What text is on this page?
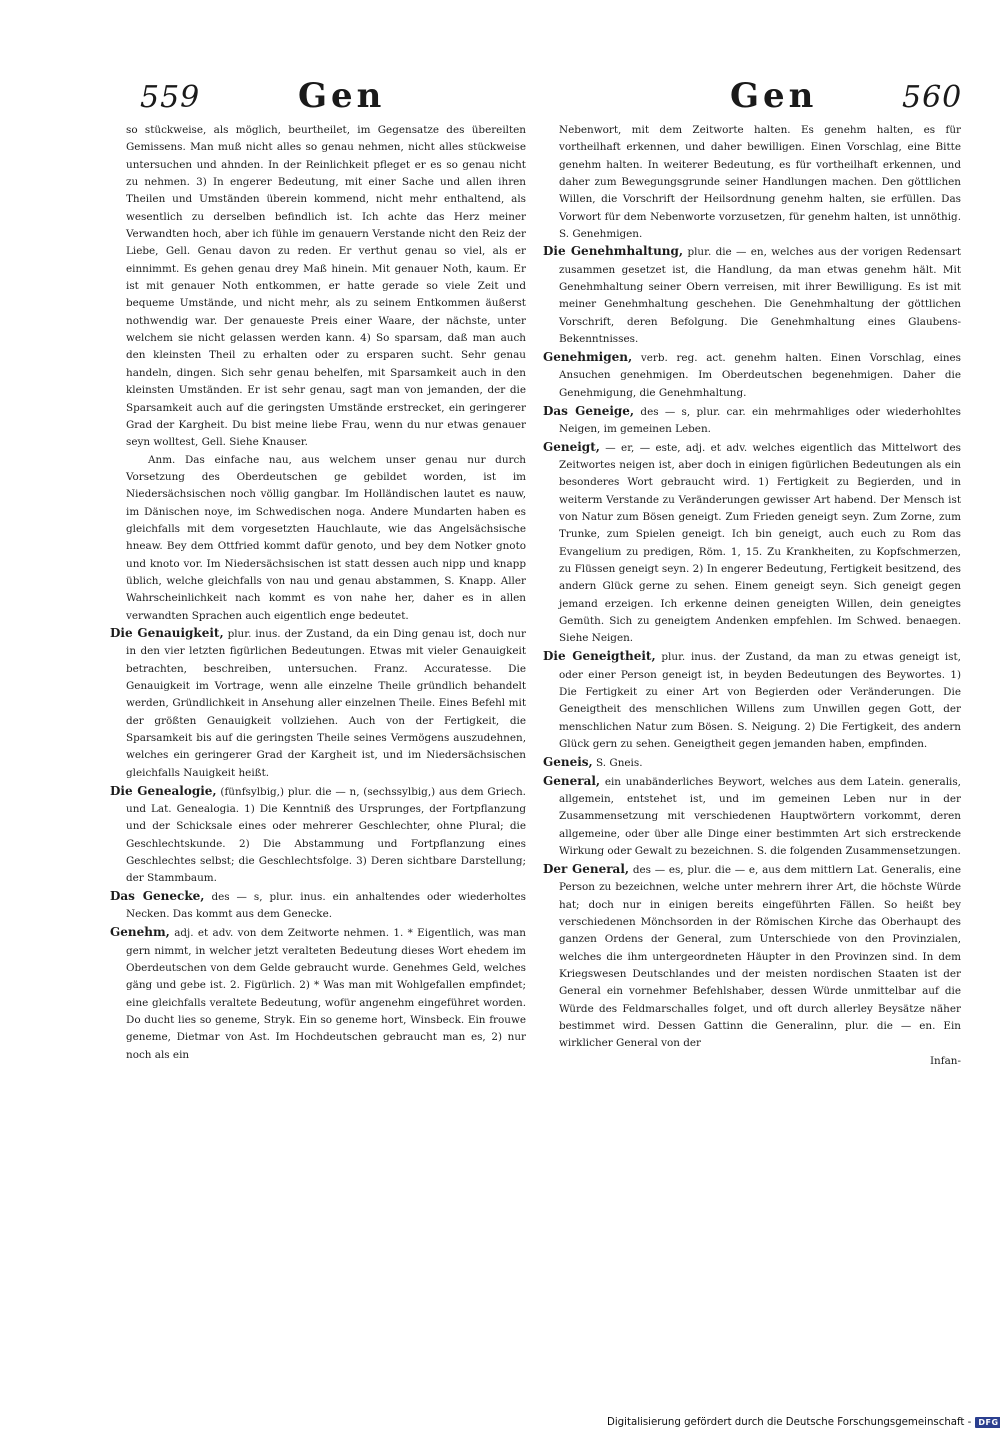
559	Gen	Gen	560

so stückweise, als möglich, beurtheilet, im Gegensatze des übereilten Gemissens. Man muß nicht alles so genau nehmen, nicht alles stückweise untersuchen und ahnden. In der Reinlichkeit pfleget er es so genau nicht zu nehmen. 3) In engerer Bedeutung, mit einer Sache und allen ihren Theilen und Umständen überein kommend, nicht mehr enthaltend, als wesentlich zu derselben befindlich ist. Ich achte das Herz meiner Verwandten hoch, aber ich fühle im genauern Verstande nicht den Reiz der Liebe, Gell. Genau davon zu reden. Er verthut genau so viel, als er einnimmt. Es gehen genau drey Maß hinein. Mit genauer Noth, kaum. Er ist mit genauer Noth entkommen, er hatte gerade so viele Zeit und bequeme Umstände, und nicht mehr, als zu seinem Entkommen äußerst nothwendig war. Der genaueste Preis einer Waare, der nächste, unter welchem sie nicht gelassen werden kann. 4) So sparsam, daß man auch den kleinsten Theil zu erhalten oder zu ersparen sucht. Sehr genau handeln, dingen. Sich sehr genau behelfen, mit Sparsamkeit auch in den kleinsten Umständen. Er ist sehr genau, sagt man von jemanden, der die Sparsamkeit auch auf die geringsten Umstände erstrecket, ein geringerer Grad der Kargheit. Du bist meine liebe Frau, wenn du nur etwas genauer seyn wolltest, Gell. Siehe Knauser.

Anm. Das einfache nau, aus welchem unser genau nur durch Vorsetzung des Oberdeutschen ge gebildet worden, ist im Niedersächsischen noch völlig gangbar. Im Holländischen lautet es nauw, im Dänischen noye, im Schwedischen noga. Andere Mundarten haben es gleichfalls mit dem vorgesetzten Hauchlaute, wie das Angelsächsische hneaw. Bey dem Ottfried kommt dafür genoto, und bey dem Notker gnoto und knoto vor. Im Niedersächsischen ist statt dessen auch nipp und knapp üblich, welche gleichfalls von nau und genau abstammen, S. Knapp. Aller Wahrscheinlichkeit nach kommt es von nahe her, daher es in allen verwandten Sprachen auch eigentlich enge bedeutet.

Die Genauigkeit, plur. inus. der Zustand, da ein Ding genau ist, doch nur in den vier letzten figürlichen Bedeutungen. Etwas mit vieler Genauigkeit betrachten, beschreiben, untersuchen. Franz. Accuratesse. Die Genauigkeit im Vortrage, wenn alle einzelne Theile gründlich behandelt werden, Gründlichkeit in Ansehung aller einzelnen Theile. Eines Befehl mit der größten Genauigkeit vollziehen. Auch von der Fertigkeit, die Sparsamkeit bis auf die geringsten Theile seines Vermögens auszudehnen, welches ein geringerer Grad der Kargheit ist, und im Niedersächsischen gleichfalls Nauigkeit heißt.

Die Genealogie, (fünfsylbig,) plur. die — n, (sechssylbig,) aus dem Griech. und Lat. Genealogia. 1) Die Kenntniß des Ursprunges, der Fortpflanzung und der Schicksale eines oder mehrerer Geschlechter, ohne Plural; die Geschlechtskunde. 2) Die Abstammung und Fortpflanzung eines Geschlechtes selbst; die Geschlechtsfolge. 3) Deren sichtbare Darstellung; der Stammbaum.

Das Genecke, des — s, plur. inus. ein anhaltendes oder wiederholtes Necken. Das kommt aus dem Genecke.

Genehm, adj. et adv. von dem Zeitworte nehmen. 1. * Eigentlich, was man gern nimmt, in welcher jetzt veralteten Bedeutung dieses Wort ehedem im Oberdeutschen von dem Gelde gebraucht wurde. Genehmes Geld, welches gäng und gebe ist. 2. Figürlich. 2) * Was man mit Wohlgefallen empfindet; eine gleichfalls veraltete Bedeutung, wofür angenehm eingeführet worden. Do ducht lies so geneme, Stryk. Ein so geneme hort, Winsbeck. Ein frouwe geneme, Dietmar von Ast. Im Hochdeutschen gebraucht man es, 2) nur noch als ein

Nebenwort, mit dem Zeitworte halten. Es genehm halten, es für vortheilhaft erkennen, und daher bewilligen. Einen Vorschlag, eine Bitte genehm halten. In weiterer Bedeutung, es für vortheilhaft erkennen, und daher zum Bewegungsgrunde seiner Handlungen machen. Den göttlichen Willen, die Vorschrift der Heilsordnung genehm halten, sie erfüllen. Das Vorwort für dem Nebenworte vorzusetzen, für genehm halten, ist unnöthig. S. Genehmigen.

Die Genehmhaltung, plur. die — en, welches aus der vorigen Redensart zusammen gesetzet ist, die Handlung, da man etwas genehm hält. Mit Genehmhaltung seiner Obern verreisen, mit ihrer Bewilligung. Es ist mit meiner Genehmhaltung geschehen. Die Genehmhaltung der göttlichen Vorschrift, deren Befolgung. Die Genehmhaltung eines Glaubens-Bekenntnisses.

Genehmigen, verb. reg. act. genehm halten. Einen Vorschlag, eines Ansuchen genehmigen. Im Oberdeutschen begenehmigen. Daher die Genehmigung, die Genehmhaltung.

Das Geneige, des — s, plur. car. ein mehrmahliges oder wiederhohltes Neigen, im gemeinen Leben.

Geneigt, — er, — este, adj. et adv. welches eigentlich das Mittelwort des Zeitwortes neigen ist, aber doch in einigen figürlichen Bedeutungen als ein besonderes Wort gebraucht wird. 1) Fertigkeit zu Begierden, und in weiterm Verstande zu Veränderungen gewisser Art habend. Der Mensch ist von Natur zum Bösen geneigt. Zum Frieden geneigt seyn. Zum Zorne, zum Trunke, zum Spielen geneigt. Ich bin geneigt, auch euch zu Rom das Evangelium zu predigen, Röm. 1, 15. Zu Krankheiten, zu Kopfschmerzen, zu Flüssen geneigt seyn. 2) In engerer Bedeutung, Fertigkeit besitzend, des andern Glück gerne zu sehen. Einem geneigt seyn. Sich geneigt gegen jemand erzeigen. Ich erkenne deinen geneigten Willen, dein geneigtes Gemüth. Sich zu geneigtem Andenken empfehlen. Im Schwed. benaegen. Siehe Neigen.

Die Geneigtheit, plur. inus. der Zustand, da man zu etwas geneigt ist, oder einer Person geneigt ist, in beyden Bedeutungen des Beywortes. 1) Die Fertigkeit zu einer Art von Begierden oder Veränderungen. Die Geneigtheit des menschlichen Willens zum Unwillen gegen Gott, der menschlichen Natur zum Bösen. S. Neigung. 2) Die Fertigkeit, des andern Glück gern zu sehen. Geneigtheit gegen jemanden haben, empfinden.

Geneis, S. Gneis.

General, ein unabänderliches Beywort, welches aus dem Latein. generalis, allgemein, entstehet ist, und im gemeinen Leben nur in der Zusammensetzung mit verschiedenen Hauptwörtern vorkommt, deren allgemeine, oder über alle Dinge einer bestimmten Art sich erstreckende Wirkung oder Gewalt zu bezeichnen. S. die folgenden Zusammensetzungen.

Der General, des — es, plur. die — e, aus dem mittlern Lat. Generalis, eine Person zu bezeichnen, welche unter mehrern ihrer Art, die höchste Würde hat; doch nur in einigen bereits eingeführten Fällen. So heißt bey verschiedenen Mönchsorden in der Römischen Kirche das Oberhaupt des ganzen Ordens der General, zum Unterschiede von den Provinzialen, welches die ihm untergeordneten Häupter in den Provinzen sind. In dem Kriegswesen Deutschlandes und der meisten nordischen Staaten ist der General ein vornehmer Befehlshaber, dessen Würde unmittelbar auf die Würde des Feldmarschalles folget, und oft durch allerley Beysätze näher bestimmet wird. Dessen Gattinn die Generalinn, plur. die — en. Ein wirklicher General von der

Infan-

Digitalisierung gefördert durch die Deutsche Forschungsgemeinschaft - DFG
